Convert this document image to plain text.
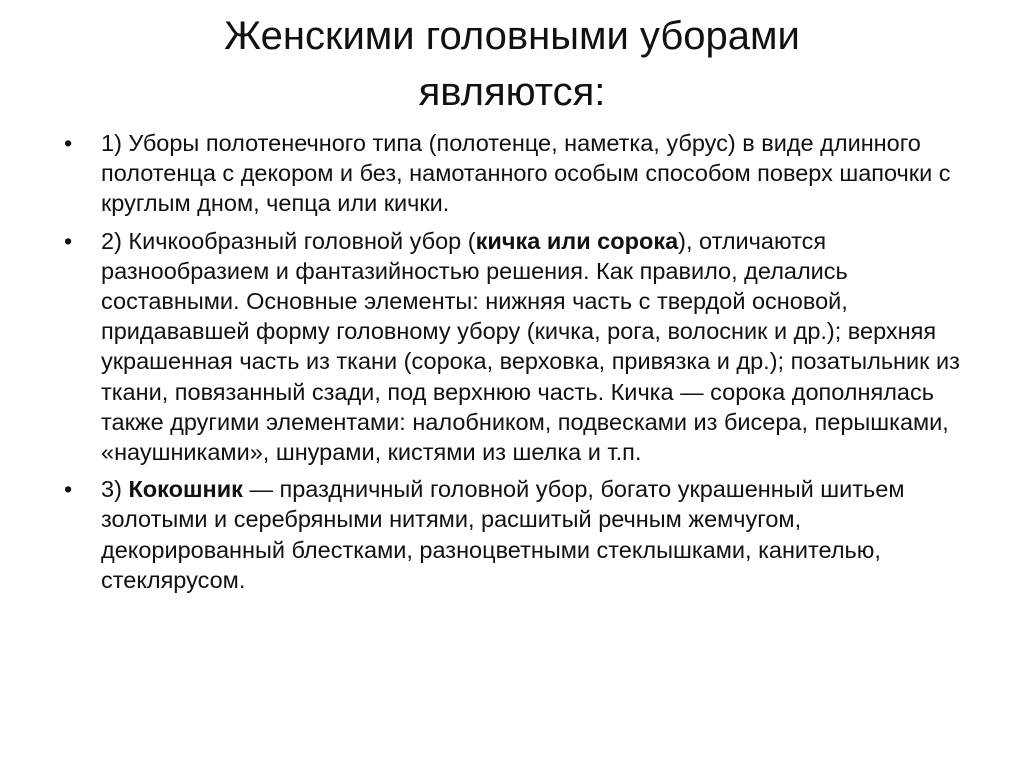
Женскими головными уборами
являются:
•	1) Уборы полотенечного типа (полотенце, наметка, убрус) в виде длинного полотенца с декором и без, намотанного особым способом поверх шапочки с круглым дном, чепца или кички.
•	2) Кичкообразный головной убор (кичка или сорока), отличаются разнообразием и фантазийностью решения. Как правило, делались составными. Основные элементы: нижняя часть с твердой основой, придававшей форму головному убору (кичка, рога, волосник и др.); верхняя украшенная часть из ткани (сорока, верховка, привязка и др.); позатыльник из ткани, повязанный сзади, под верхнюю часть. Кичка — сорока дополнялась также другими элементами: налобником, подвесками из бисера, перышками, «наушниками», шнурами, кистями из шелка и т.п.
•	3) Кокошник — праздничный головной убор, богато украшенный шитьем золотыми и серебряными нитями, расшитый речным жемчугом, декорированный блестками, разноцветными стеклышками, канителью, стеклярусом.
